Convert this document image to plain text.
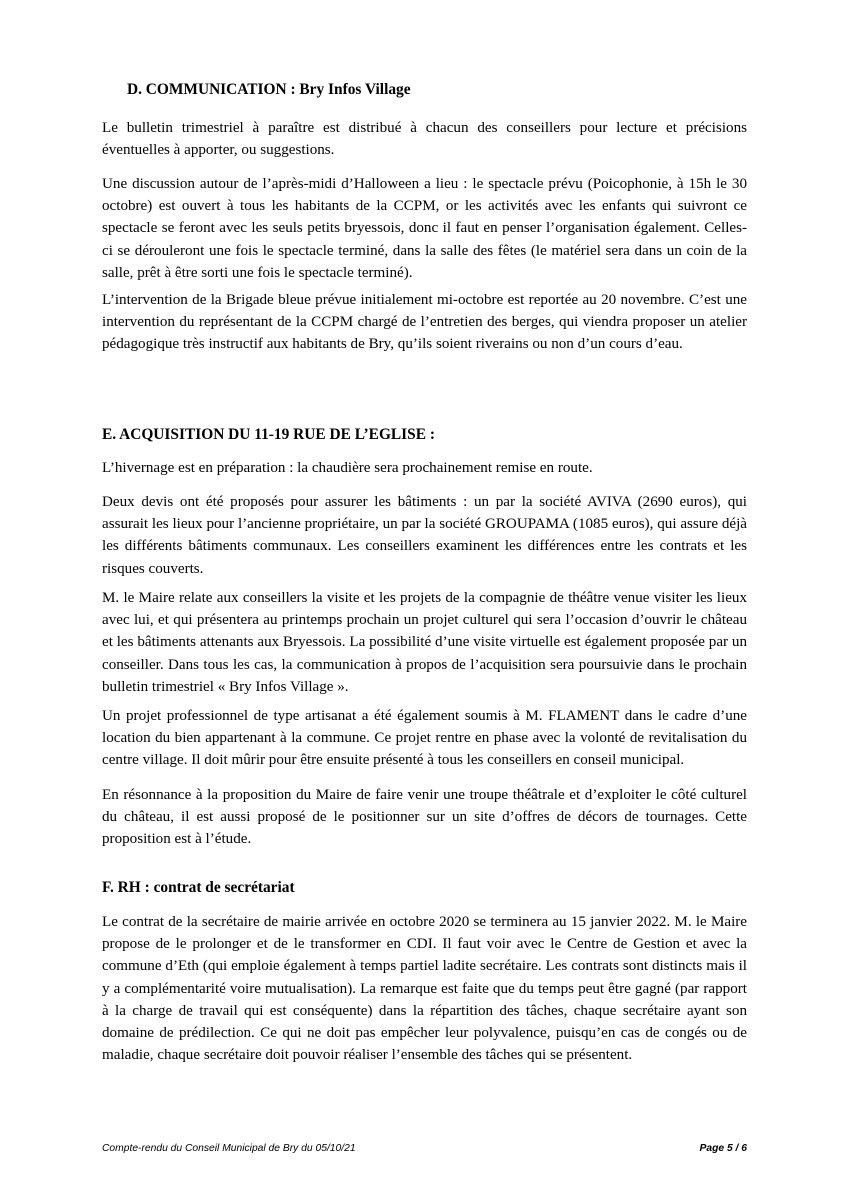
D. COMMUNICATION : Bry Infos Village

Le bulletin trimestriel à paraître est distribué à chacun des conseillers pour lecture et précisions éventuelles à apporter, ou suggestions.

Une discussion autour de l’après-midi d’Halloween a lieu : le spectacle prévu (Poicophonie, à 15h le 30 octobre) est ouvert à tous les habitants de la CCPM, or les activités avec les enfants qui suivront ce spectacle se feront avec les seuls petits bryessois, donc il faut en penser l’organisation également. Celles-ci se dérouleront une fois le spectacle terminé, dans la salle des fêtes (le matériel sera dans un coin de la salle, prêt à être sorti une fois le spectacle terminé).

L’intervention de la Brigade bleue prévue initialement mi-octobre est reportée au 20 novembre. C’est une intervention du représentant de la CCPM chargé de l’entretien des berges, qui viendra proposer un atelier pédagogique très instructif aux habitants de Bry, qu’ils soient riverains ou non d’un cours d’eau.

E. ACQUISITION DU 11-19 RUE DE L’EGLISE :

L’hivernage est en préparation : la chaudière sera prochainement remise en route.

Deux devis ont été proposés pour assurer les bâtiments : un par la société AVIVA (2690 euros), qui assurait les lieux pour l’ancienne propriétaire, un par la société GROUPAMA (1085 euros), qui assure déjà les différents bâtiments communaux. Les conseillers examinent les différences entre les contrats et les risques couverts.

M. le Maire relate aux conseillers la visite et les projets de la compagnie de théâtre venue visiter les lieux avec lui, et qui présentera au printemps prochain un projet culturel qui sera l’occasion d’ouvrir le château et les bâtiments attenants aux Bryessois. La possibilité d’une visite virtuelle est également proposée par un conseiller. Dans tous les cas, la communication à propos de l’acquisition sera poursuivie dans le prochain bulletin trimestriel « Bry Infos Village ».

Un projet professionnel de type artisanat a été également soumis à M. FLAMENT dans le cadre d’une location du bien appartenant à la commune. Ce projet rentre en phase avec la volonté de revitalisation du centre village. Il doit mûrir pour être ensuite présenté à tous les conseillers en conseil municipal.

En résonnance à la proposition du Maire de faire venir une troupe théâtrale et d’exploiter le côté culturel du château, il est aussi proposé de le positionner sur un site d’offres de décors de tournages. Cette proposition est à l’étude.

F. RH : contrat de secrétariat

Le contrat de la secrétaire de mairie arrivée en octobre 2020 se terminera au 15 janvier 2022. M. le Maire propose de le prolonger et de le transformer en CDI. Il faut voir avec le Centre de Gestion et avec la commune d’Eth (qui emploie également à temps partiel ladite secrétaire. Les contrats sont distincts mais il y a complémentarité voire mutualisation). La remarque est faite que du temps peut être gagné (par rapport à la charge de travail qui est conséquente) dans la répartition des tâches, chaque secrétaire ayant son domaine de prédilection. Ce qui ne doit pas empêcher leur polyvalence, puisqu’en cas de congés ou de maladie, chaque secrétaire doit pouvoir réaliser l’ensemble des tâches qui se présentent.

Compte-rendu du Conseil Municipal de Bry du 05/10/21	Page 5 / 6
